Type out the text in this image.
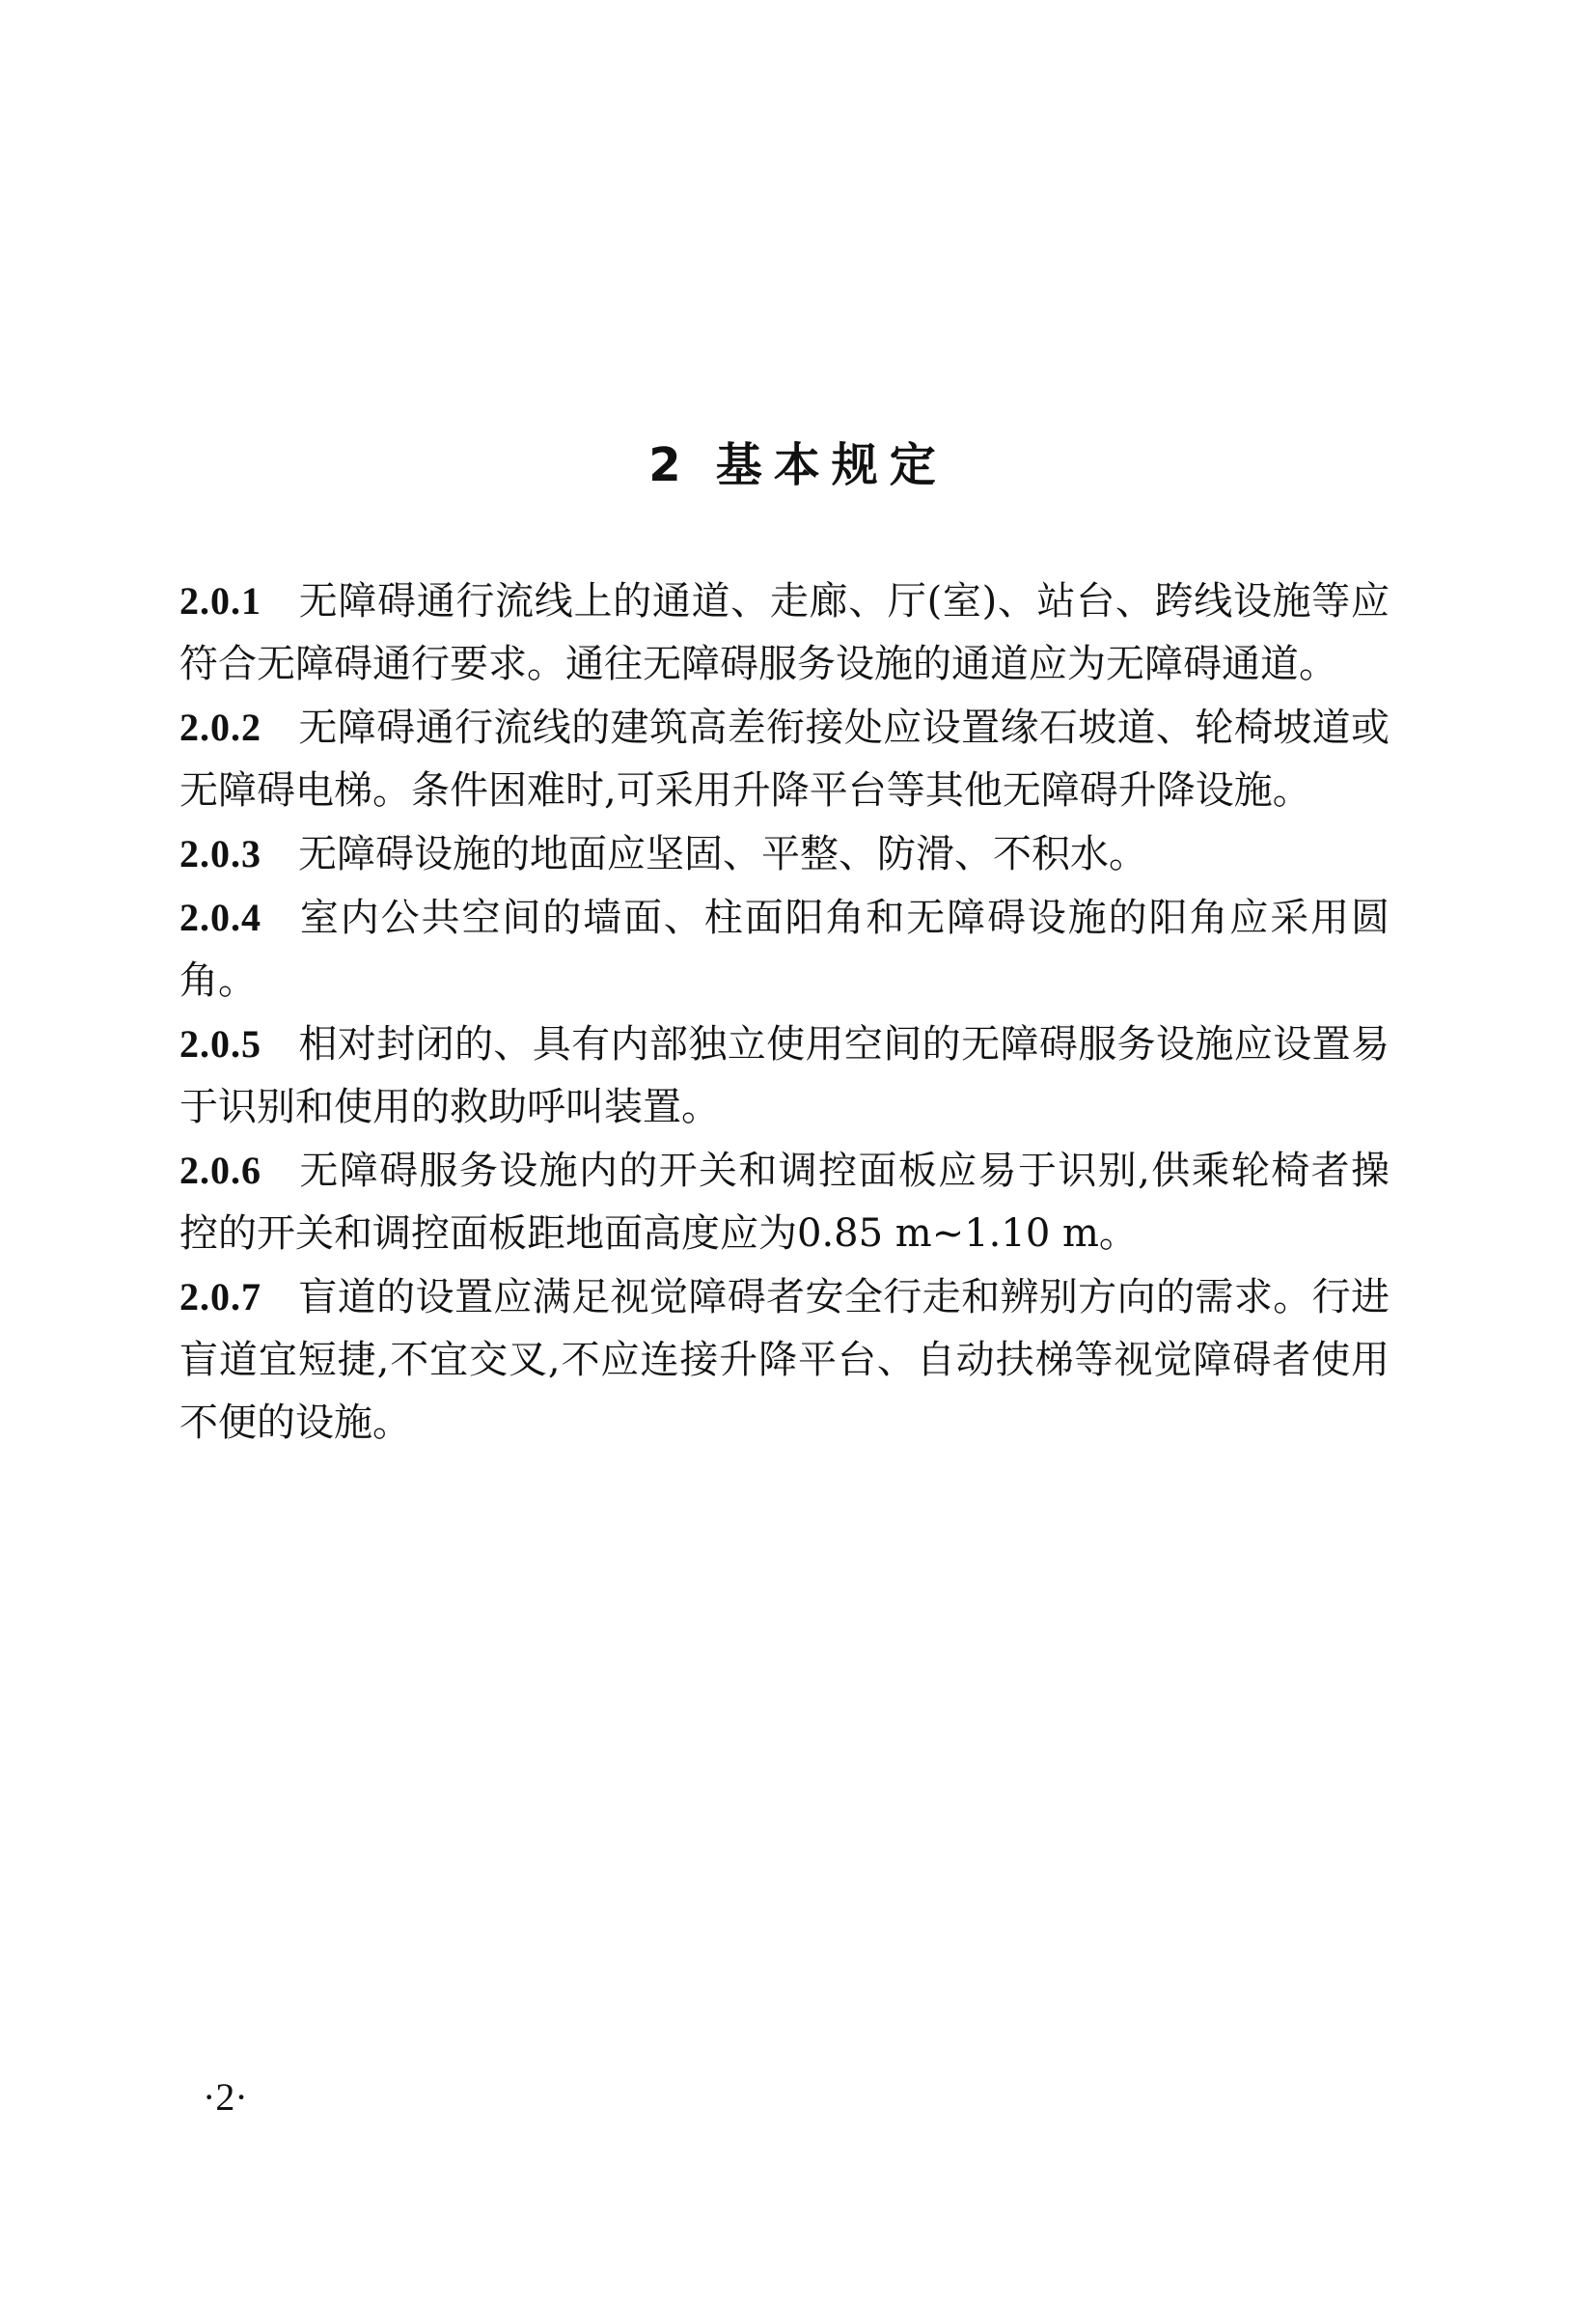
2 基本规定

2.0.1 无障碍通行流线上的通道、走廊、厅(室)、站台、跨线设施等应符合无障碍通行要求。通往无障碍服务设施的通道应为无障碍通道。

2.0.2 无障碍通行流线的建筑高差衔接处应设置缘石坡道、轮椅坡道或无障碍电梯。条件困难时,可采用升降平台等其他无障碍升降设施。

2.0.3 无障碍设施的地面应坚固、平整、防滑、不积水。

2.0.4 室内公共空间的墙面、柱面阳角和无障碍设施的阳角应采用圆角。

2.0.5 相对封闭的、具有内部独立使用空间的无障碍服务设施应设置易于识别和使用的救助呼叫装置。

2.0.6 无障碍服务设施内的开关和调控面板应易于识别,供乘轮椅者操控的开关和调控面板距地面高度应为0.85 m~1.10 m。

2.0.7 盲道的设置应满足视觉障碍者安全行走和辨别方向的需求。行进盲道宜短捷,不宜交叉,不应连接升降平台、自动扶梯等视觉障碍者使用不便的设施。

·2·
